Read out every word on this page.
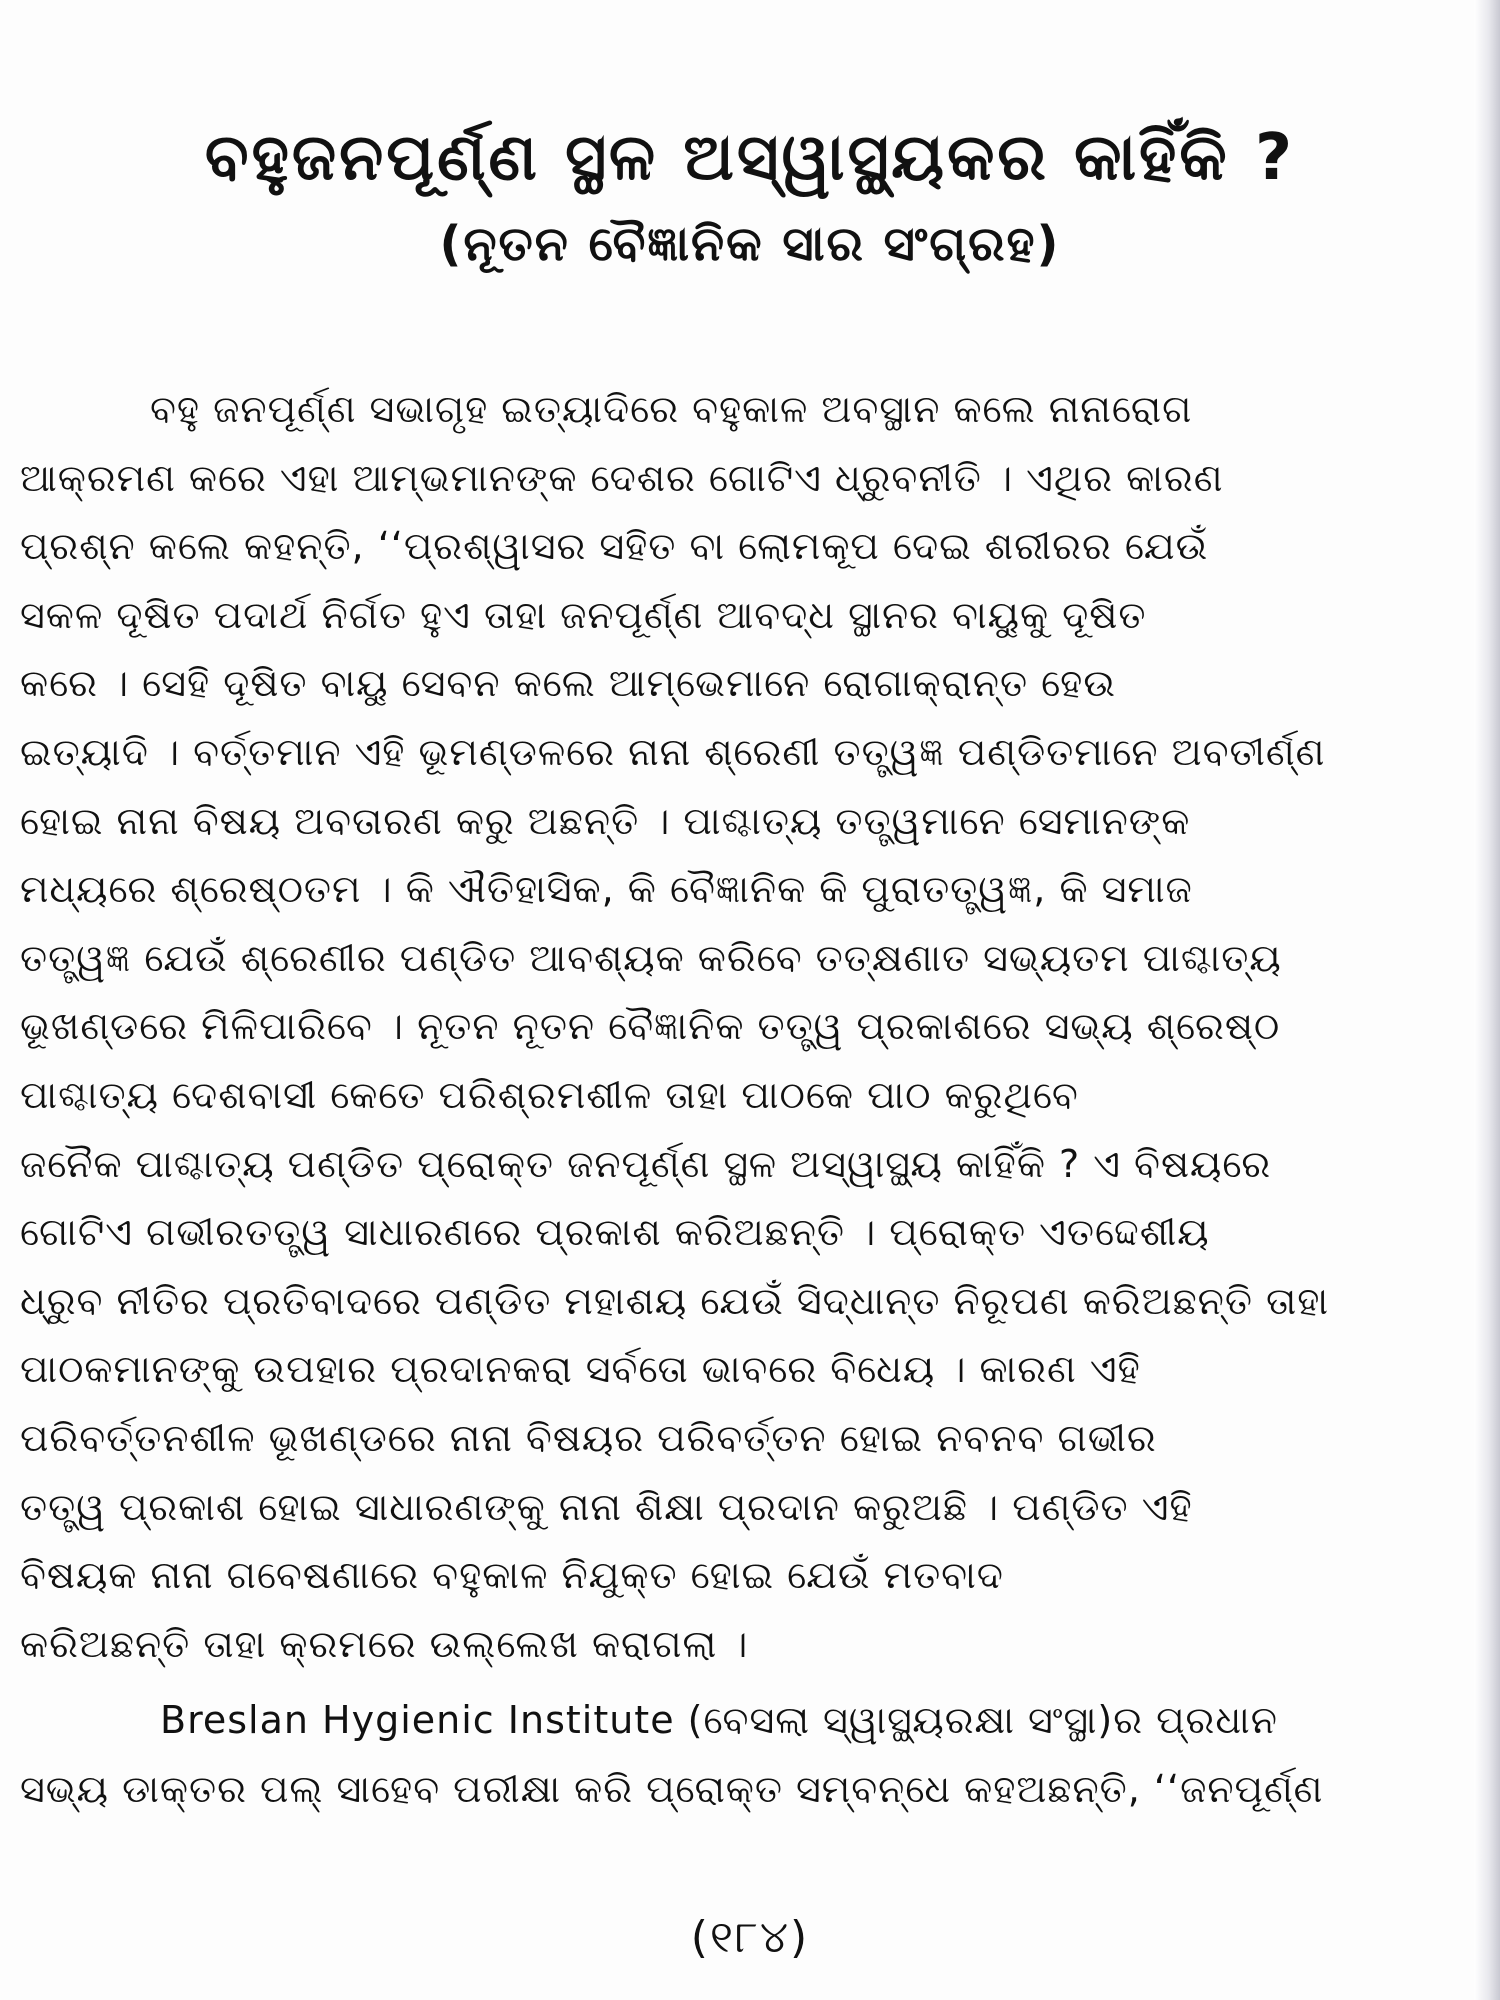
ବହୁଜନପୂର୍ଣ୍ଣ ସ୍ଥଳ ଅସ୍ୱାସ୍ଥ୍ୟକର କାହିଁକି ?
(ନୂତନ ବୈଜ୍ଞାନିକ ସାର ସଂଗ୍ରହ)
ବହୁ ଜନପୂର୍ଣ୍ଣ ସଭାଗୃହ ଇତ୍ୟାଦିରେ ବହୁକାଳ ଅବସ୍ଥାନ କଲେ ନାନାରୋଗ
ଆକ୍ରମଣ କରେ ଏହା ଆମ୍ଭମାନଙ୍କ ଦେଶର ଗୋଟିଏ ଧ୍ରୁବନୀତି । ଏଥିର କାରଣ
ପ୍ରଶ୍ନ କଲେ କହନ୍ତି, ‘‘ପ୍ରଶ୍ୱାସର ସହିତ ବା ଲୋମକୂପ ଦେଇ ଶରୀରର ଯେଉଁ
ସକଳ ଦୂଷିତ ପଦାର୍ଥ ନିର୍ଗତ ହୁଏ ତାହା ଜନପୂର୍ଣ୍ଣ ଆବଦ୍ଧ ସ୍ଥାନର ବାୟୁକୁ ଦୂଷିତ
କରେ । ସେହି ଦୂଷିତ ବାୟୁ ସେବନ କଲେ ଆମ୍ଭେମାନେ ରୋଗାକ୍ରାନ୍ତ ହେଉ
ଇତ୍ୟାଦି । ବର୍ତ୍ତମାନ ଏହି ଭୂମଣ୍ଡଳରେ ନାନା ଶ୍ରେଣୀ ତତ୍ତ୍ୱଜ୍ଞ ପଣ୍ଡିତମାନେ ଅବତୀର୍ଣ୍ଣ
ହୋଇ ନାନା ବିଷୟ ଅବତାରଣ କରୁ ଅଛନ୍ତି । ପାଶ୍ଚାତ୍ୟ ତତ୍ତ୍ୱମାନେ ସେମାନଙ୍କ
ମଧ୍ୟରେ ଶ୍ରେଷ୍ଠତମ । କି ଐତିହାସିକ, କି ବୈଜ୍ଞାନିକ କି ପୁରାତତ୍ତ୍ୱଜ୍ଞ, କି ସମାଜ
ତତ୍ତ୍ୱଜ୍ଞ ଯେଉଁ ଶ୍ରେଣୀର ପଣ୍ଡିତ ଆବଶ୍ୟକ କରିବେ ତତ୍‌କ୍ଷଣାତ ସଭ୍ୟତମ ପାଶ୍ଚାତ୍ୟ
ଭୂଖଣ୍ଡରେ ମିଳିପାରିବେ । ନୂତନ ନୂତନ ବୈଜ୍ଞାନିକ ତତ୍ତ୍ୱ ପ୍ରକାଶରେ ସଭ୍ୟ ଶ୍ରେଷ୍ଠ
ପାଶ୍ଚାତ୍ୟ ଦେଶବାସୀ କେତେ ପରିଶ୍ରମଶୀଳ ତାହା ପାଠକେ ପାଠ କରୁଥିବେ
ଜନୈକ ପାଶ୍ଚାତ୍ୟ ପଣ୍ଡିତ ପ୍ରୋକ୍ତ ଜନପୂର୍ଣ୍ଣ ସ୍ଥଳ ଅସ୍ୱାସ୍ଥ୍ୟ କାହିଁକି ? ଏ ବିଷୟରେ
ଗୋଟିଏ ଗଭୀରତତ୍ତ୍ୱ ସାଧାରଣରେ ପ୍ରକାଶ କରିଅଛନ୍ତି । ପ୍ରୋକ୍ତ ଏତଦ୍ଦେଶୀୟ
ଧ୍ରୁବ ନୀତିର ପ୍ରତିବାଦରେ ପଣ୍ଡିତ ମହାଶୟ ଯେଉଁ ସିଦ୍ଧାନ୍ତ ନିରୂପଣ କରିଅଛନ୍ତି ତାହା
ପାଠକମାନଙ୍କୁ ଉପହାର ପ୍ରଦାନକରା ସର୍ବତୋ ଭାବରେ ବିଧେୟ । କାରଣ ଏହି
ପରିବର୍ତ୍ତନଶୀଳ ଭୂଖଣ୍ଡରେ ନାନା ବିଷୟର ପରିବର୍ତ୍ତନ ହୋଇ ନବନବ ଗଭୀର
ତତ୍ତ୍ୱ ପ୍ରକାଶ ହୋଇ ସାଧାରଣଙ୍କୁ ନାନା ଶିକ୍ଷା ପ୍ରଦାନ କରୁଅଛି । ପଣ୍ଡିତ ଏହି
ବିଷୟକ ନାନା ଗବେଷଣାରେ ବହୁକାଳ ନିଯୁକ୍ତ ହୋଇ ଯେଉଁ ମତବାଦ
କରିଅଛନ୍ତି ତାହା କ୍ରମରେ ଉଲ୍ଲେଖ କରାଗଲା ।
Breslan Hygienic Institute (ବେସଲା ସ୍ୱାସ୍ଥ୍ୟରକ୍ଷା ସଂସ୍ଥା)ର ପ୍ରଧାନ
ସଭ୍ୟ ଡାକ୍ତର ପଲ୍ ସାହେବ ପରୀକ୍ଷା କରି ପ୍ରୋକ୍ତ ସମ୍ବନ୍ଧେ କହଅଛନ୍ତି, ‘‘ଜନପୂର୍ଣ୍ଣ
(୧୮୪)
